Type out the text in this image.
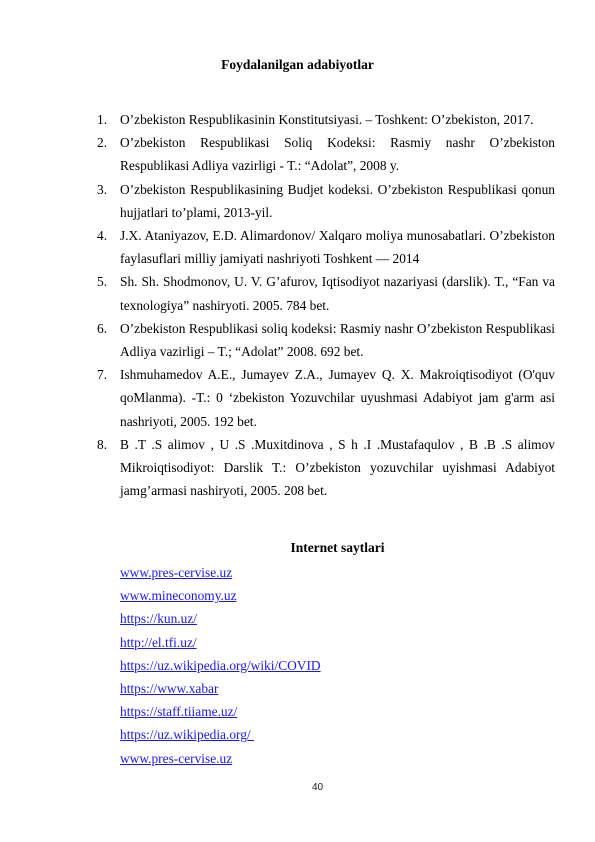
Foydalanilgan adabiyotlar
1. O’zbekiston Respublikasinin Konstitutsiyasi. – Toshkent: O’zbekiston, 2017.
2. O’zbekiston Respublikasi Soliq Kodeksi: Rasmiy nashr O’zbekiston Respublikasi Adliya vazirligi - T.: “Adolat”, 2008 y.
3. O’zbekiston Respublikasining Budjet kodeksi. O’zbekiston Respublikasi qonun hujjatlari to’plami, 2013-yil.
4. J.X. Ataniyazov, E.D. Alimardonov/ Xalqaro moliya munosabatlari. O’zbekiston faylasuflari milliy jamiyati nashriyoti Toshkent — 2014
5. Sh. Sh. Shodmonov, U. V. G’afurov, Iqtisodiyot nazariyasi (darslik). T., “Fan va texnologiya” nashiryoti. 2005. 784 bet.
6. O’zbekiston Respublikasi soliq kodeksi: Rasmiy nashr O’zbekiston Respublikasi Adliya vazirligi – T.; “Adolat” 2008. 692 bet.
7. Ishmuhamedov A.E., Jumayev Z.A., Jumayev Q. X. Makroiqtisodiyot (O'quv qoMlanma). -T.: 0 ‘zbekiston Yozuvchilar uyushmasi Adabiyot jam g'arm asi nashriyoti, 2005. 192 bet.
8. B .T .S alimov , U .S .Muxitdinova , S h .I .Mustafaqulov , B .B .S alimov Mikroiqtisodiyot: Darslik T.: O’zbekiston yozuvchilar uyishmasi Adabiyot jamg’armasi nashiryoti, 2005. 208 bet.
Internet saytlari
www.pres-cervise.uz
www.mineconomy.uz
https://kun.uz/
http://el.tfi.uz/
https://uz.wikipedia.org/wiki/COVID
https://www.xabar
https://staff.tiiame.uz/
https://uz.wikipedia.org/
www.pres-cervise.uz
40
